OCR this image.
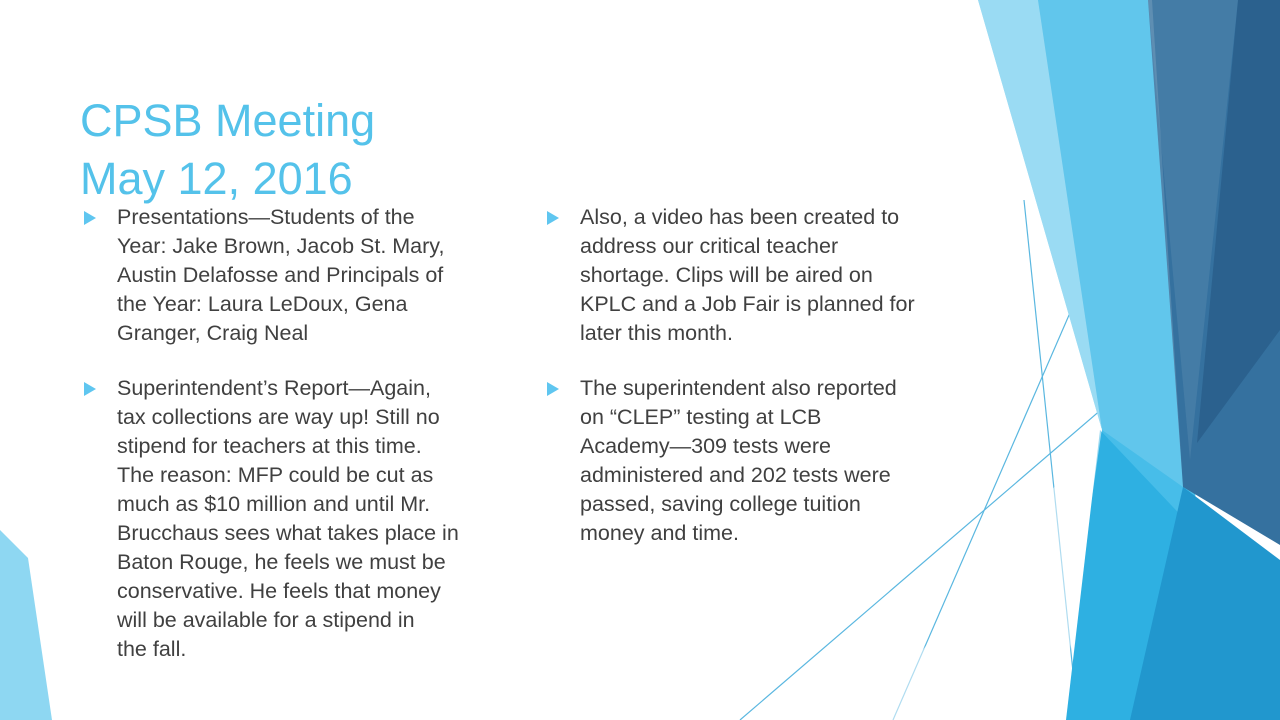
CPSB Meeting
May 12, 2016
Presentations—Students of the
Year: Jake Brown, Jacob St. Mary,
Austin Delafosse and Principals of
the Year: Laura LeDoux, Gena
Granger, Craig Neal
Superintendent’s Report—Again,
tax collections are way up! Still no
stipend for teachers at this time.
The reason: MFP could be cut as
much as $10 million and until Mr.
Brucchaus sees what takes place in
Baton Rouge, he feels we must be
conservative. He feels that money
will be available for a stipend in
the fall.
Also, a video has been created to
address our critical teacher
shortage. Clips will be aired on
KPLC and a Job Fair is planned for
later this month.
The superintendent also reported
on “CLEP” testing at LCB
Academy—309 tests were
administered and 202 tests were
passed, saving college tuition
money and time.
